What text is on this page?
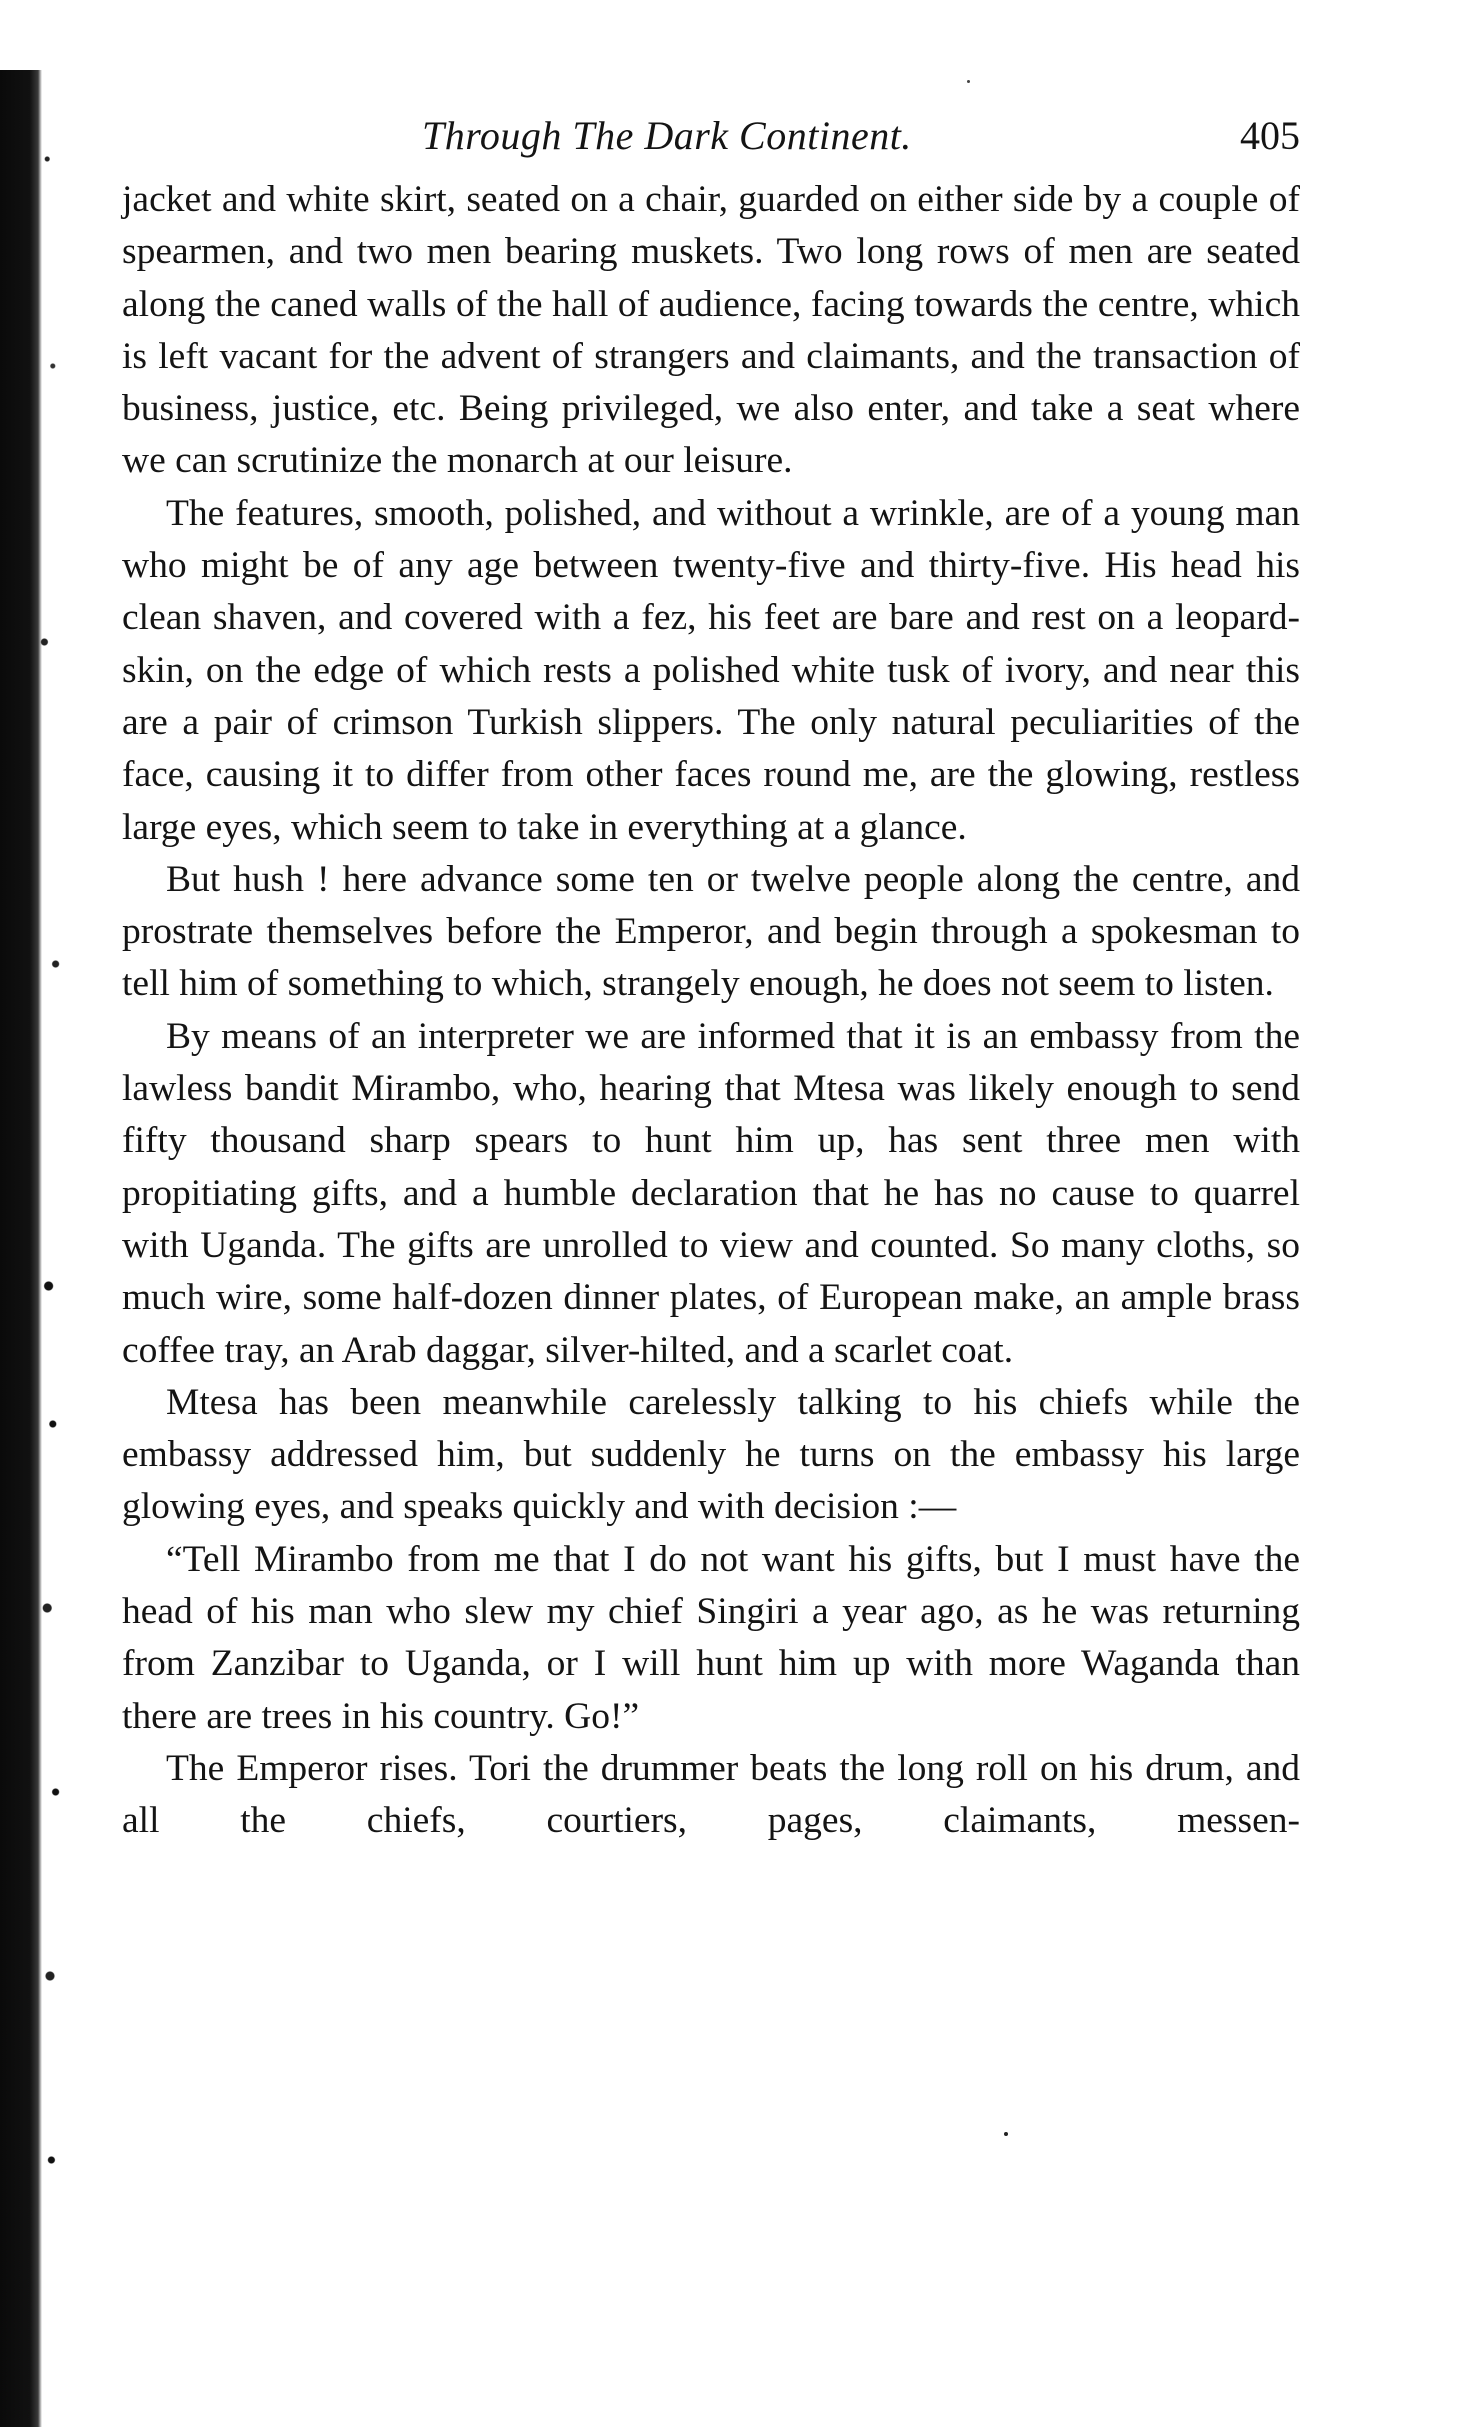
Through The Dark Continent.	405

jacket and white skirt, seated on a chair, guarded on either side by a couple of spearmen, and two men bearing muskets. Two long rows of men are seated along the caned walls of the hall of audience, facing towards the centre, which is left vacant for the advent of strangers and claimants, and the transaction of business, justice, etc. Being privileged, we also enter, and take a seat where we can scrutinize the monarch at our leisure.

The features, smooth, polished, and without a wrinkle, are of a young man who might be of any age between twenty-five and thirty-five. His head his clean shaven, and covered with a fez, his feet are bare and rest on a leopard-skin, on the edge of which rests a polished white tusk of ivory, and near this are a pair of crimson Turkish slippers. The only natural peculiarities of the face, causing it to differ from other faces round me, are the glowing, restless large eyes, which seem to take in everything at a glance.

But hush ! here advance some ten or twelve people along the centre, and prostrate themselves before the Emperor, and begin through a spokesman to tell him of something to which, strangely enough, he does not seem to listen.

By means of an interpreter we are informed that it is an embassy from the lawless bandit Mirambo, who, hearing that Mtesa was likely enough to send fifty thousand sharp spears to hunt him up, has sent three men with propitiating gifts, and a humble declaration that he has no cause to quarrel with Uganda. The gifts are unrolled to view and counted. So many cloths, so much wire, some half-dozen dinner plates, of European make, an ample brass coffee tray, an Arab daggar, silver-hilted, and a scarlet coat.

Mtesa has been meanwhile carelessly talking to his chiefs while the embassy addressed him, but suddenly he turns on the embassy his large glowing eyes, and speaks quickly and with decision :—

“Tell Mirambo from me that I do not want his gifts, but I must have the head of his man who slew my chief Singiri a year ago, as he was returning from Zanzibar to Uganda, or I will hunt him up with more Waganda than there are trees in his country. Go!”

The Emperor rises. Tori the drummer beats the long roll on his drum, and all the chiefs, courtiers, pages, claimants, messen-
